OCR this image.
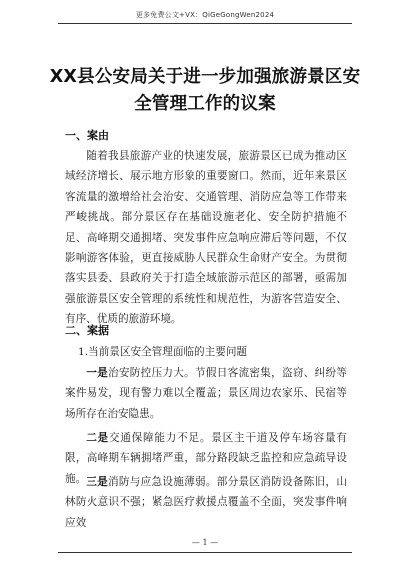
更多免费公文+VX：QiGeGongWen2024
XX县公安局关于进一步加强旅游景区安全管理工作的议案
一、案由
随着我县旅游产业的快速发展，旅游景区已成为推动区域经济增长、展示地方形象的重要窗口。然而，近年来景区客流量的激增给社会治安、交通管理、消防应急等工作带来严峻挑战。部分景区存在基础设施老化、安全防护措施不足、高峰期交通拥堵、突发事件应急响应滞后等问题，不仅影响游客体验，更直接威胁人民群众生命财产安全。为贯彻落实县委、县政府关于打造全域旅游示范区的部署，亟需加强旅游景区安全管理的系统性和规范性，为游客营造安全、有序、优质的旅游环境。
二、案据
1.当前景区安全管理面临的主要问题
一是治安防控压力大。节假日客流密集，盗窃、纠纷等案件易发，现有警力难以全覆盖；景区周边农家乐、民宿等场所存在治安隐患。
二是交通保障能力不足。景区主干道及停车场容量有限，高峰期车辆拥堵严重，部分路段缺乏监控和应急疏导设施。 三是消防与应急设施薄弱。部分景区消防设备陈旧，山林防火意识不强；紧急医疗救援点覆盖不全面，突发事件响应效
— 1 —
